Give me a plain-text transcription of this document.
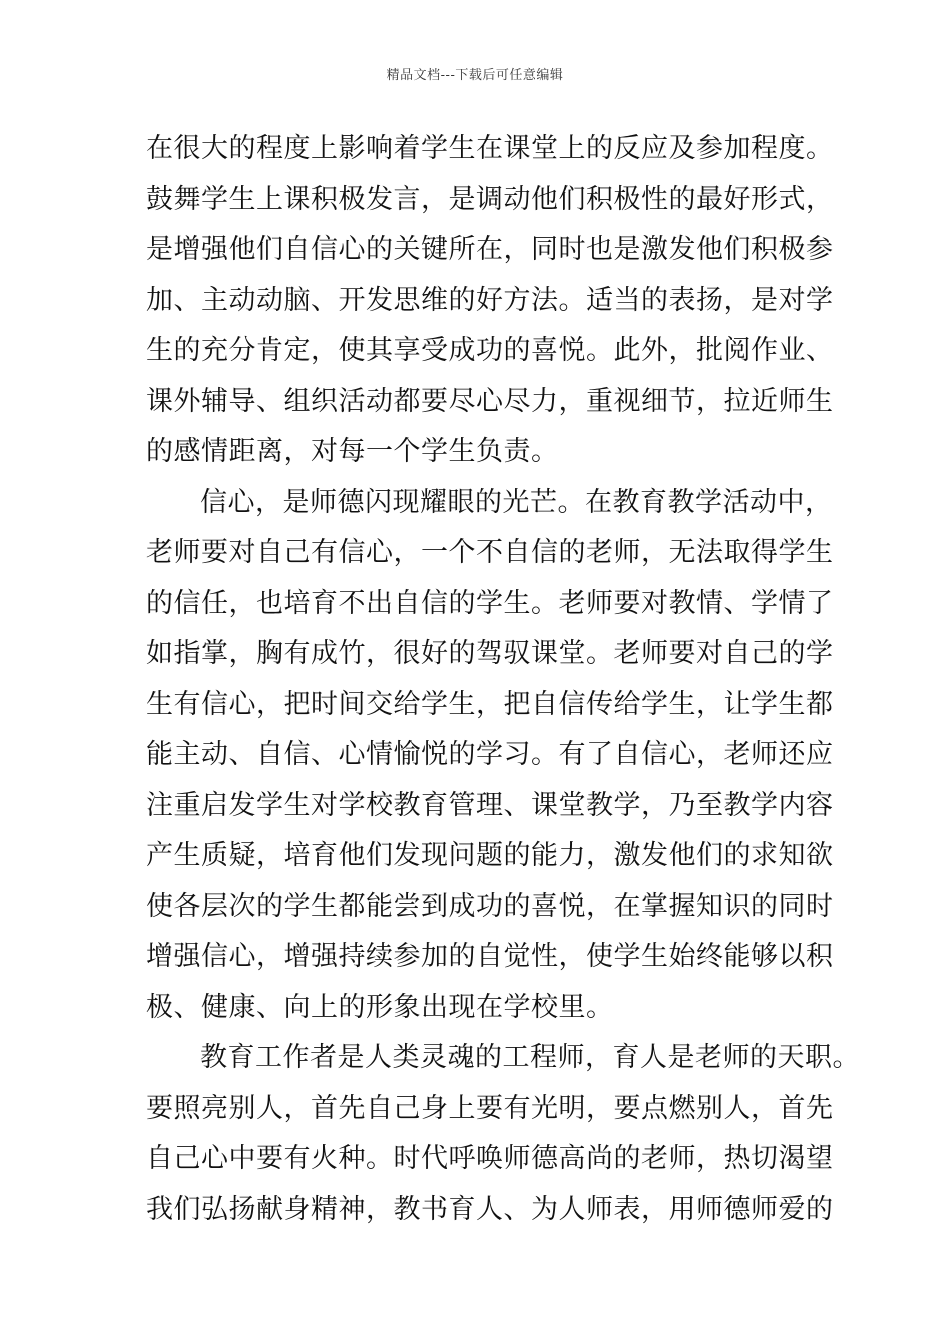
精品文档---下载后可任意编辑
在很大的程度上影响着学生在课堂上的反应及参加程度。
鼓舞学生上课积极发言，是调动他们积极性的最好形式，
是增强他们自信心的关键所在，同时也是激发他们积极参
加、主动动脑、开发思维的好方法。适当的表扬，是对学
生的充分肯定，使其享受成功的喜悦。此外，批阅作业、
课外辅导、组织活动都要尽心尽力，重视细节，拉近师生
的感情距离，对每一个学生负责。
信心，是师德闪现耀眼的光芒。在教育教学活动中，
老师要对自己有信心，一个不自信的老师，无法取得学生
的信任，也培育不出自信的学生。老师要对教情、学情了
如指掌，胸有成竹，很好的驾驭课堂。老师要对自己的学
生有信心，把时间交给学生，把自信传给学生，让学生都
能主动、自信、心情愉悦的学习。有了自信心，老师还应
注重启发学生对学校教育管理、课堂教学，乃至教学内容
产生质疑，培育他们发现问题的能力，激发他们的求知欲
使各层次的学生都能尝到成功的喜悦，在掌握知识的同时
增强信心，增强持续参加的自觉性，使学生始终能够以积
极、健康、向上的形象出现在学校里。
教育工作者是人类灵魂的工程师，育人是老师的天职。
要照亮别人，首先自己身上要有光明，要点燃别人，首先
自己心中要有火种。时代呼唤师德高尚的老师，热切渴望
我们弘扬献身精神，教书育人、为人师表，用师德师爱的
